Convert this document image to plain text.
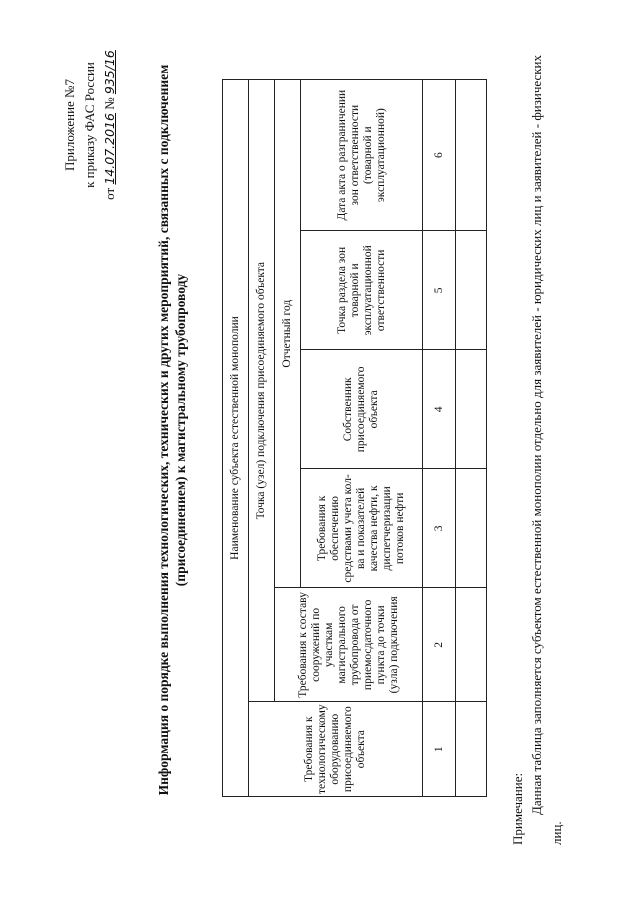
Приложение №7 к приказу ФАС России
от 14.07.2016 № 935/16	Информация о порядке выполнения технологических, технических и других мероприятий, связанных с подключением (присоединением) к магистральному трубопроводу	Наименование субъекта естественной монополии					
Требования к технологическому оборудованию присоединяемого объекта	Точка (узел) подключения присоединяемого объекта				
	Требования к составу сооружений по участкам магистрального трубопровода от приемосдаточного пункта до точки (узла) подключения	Отчетный год			
		Требования к обеспечению средствами учета кол-ва и показателей качества нефти, к диспетчеризации потоков нефти	Собственник присоединяемого объекта	Точка раздела зон товарной и эксплуатационной ответственности	Дата акта о разграничении зон ответственности (товарной и эксплуатационной)
1	2	3	4	5	6

Примечание: Данная таблица заполняется субъектом естественной монополии отдельно для заявителей - юридических лиц и заявителей - физических лиц.
